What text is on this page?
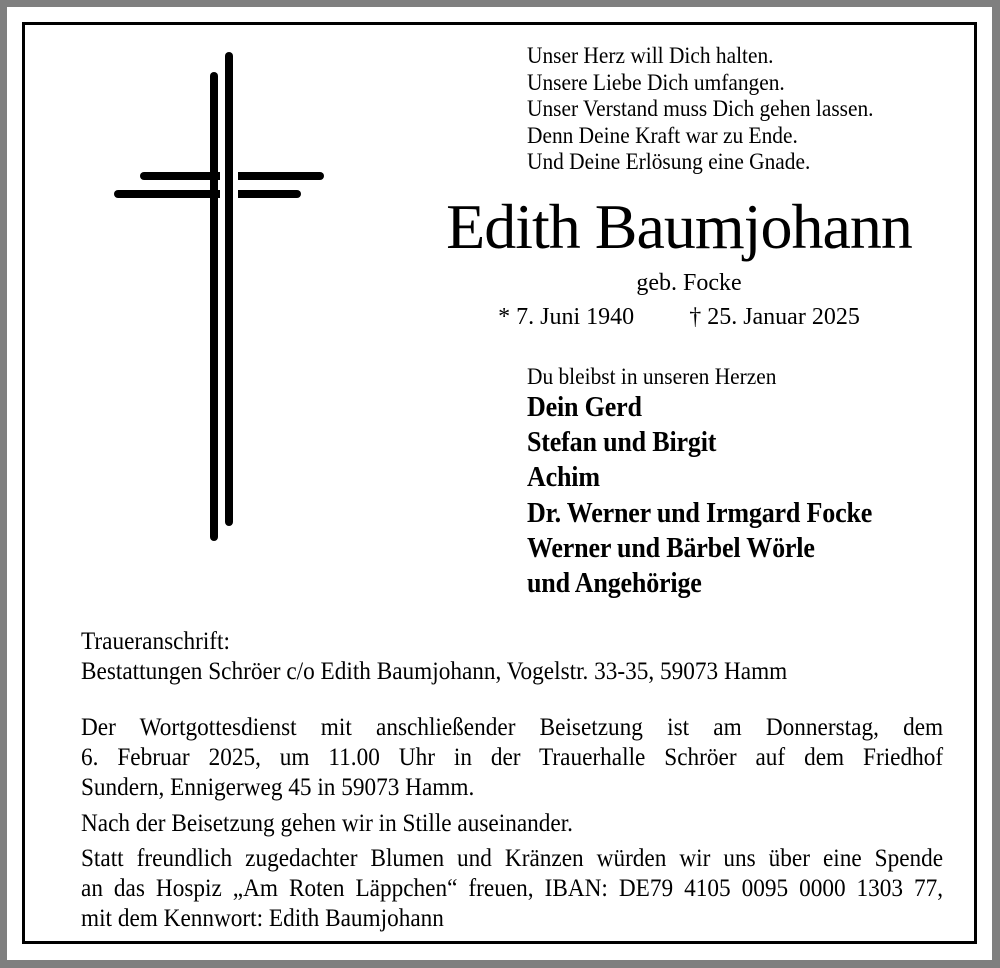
Unser Herz will Dich halten.
Unsere Liebe Dich umfangen.
Unser Verstand muss Dich gehen lassen.
Denn Deine Kraft war zu Ende.
Und Deine Erlösung eine Gnade.
Edith Baumjohann
geb. Focke
* 7. Juni 1940 † 25. Januar 2025
Du bleibst in unseren Herzen
Dein Gerd
Stefan und Birgit
Achim
Dr. Werner und Irmgard Focke
Werner und Bärbel Wörle
und Angehörige
Traueranschrift:
Bestattungen Schröer c/o Edith Baumjohann, Vogelstr. 33-35, 59073 Hamm
Der Wortgottesdienst mit anschließender Beisetzung ist am Donnerstag, dem
6. Februar 2025, um 11.00 Uhr in der Trauerhalle Schröer auf dem Friedhof
Sundern, Ennigerweg 45 in 59073 Hamm.
Nach der Beisetzung gehen wir in Stille auseinander.
Statt freundlich zugedachter Blumen und Kränzen würden wir uns über eine Spende
an das Hospiz „Am Roten Läppchen“ freuen, IBAN: DE79 4105 0095 0000 1303 77,
mit dem Kennwort: Edith Baumjohann
